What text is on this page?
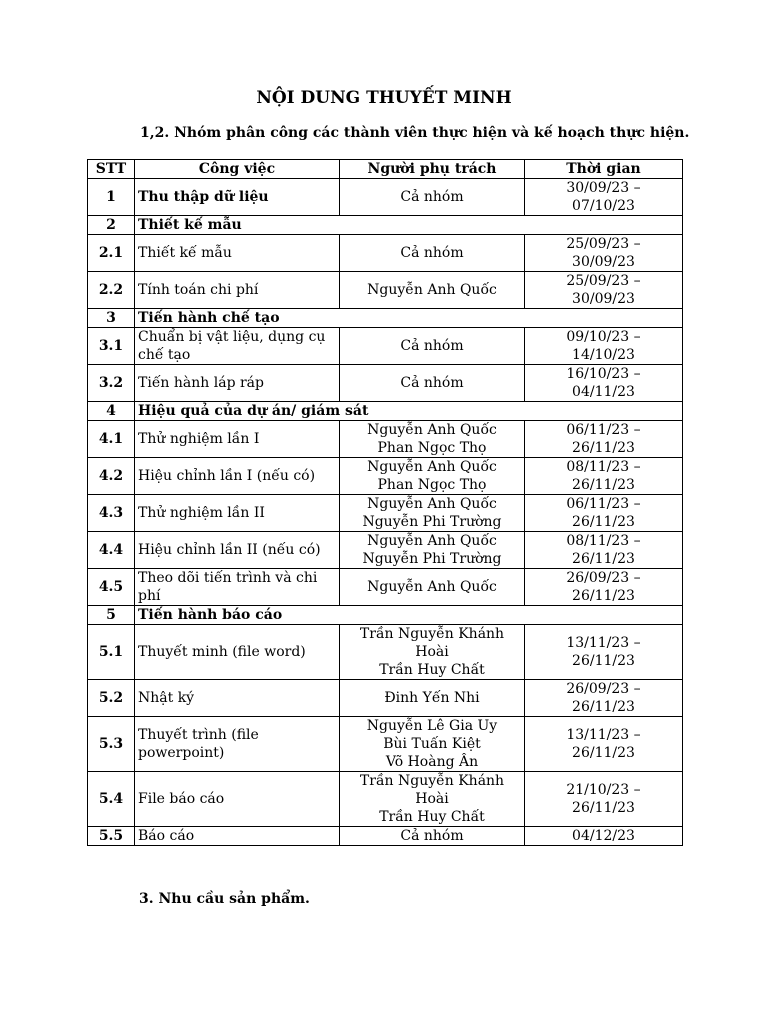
NỘI DUNG THUYẾT MINH
1,2. Nhóm phân công các thành viên thực hiện và kế hoạch thực hiện.
STT	Công việc	Người phụ trách	Thời gian
1	Thu thập dữ liệu	Cả nhóm	30/09/23 –
07/10/23

2	Thiết kế mẫu		
2.1	Thiết kế mẫu	Cả nhóm	25/09/23 –
30/09/23

2.2	Tính toán chi phí	Nguyễn Anh Quốc	25/09/23 –
30/09/23

3	Tiến hành chế tạo		
3.1	Chuẩn bị vật liệu, dụng cụ
chế tạo	Cả nhóm	09/10/23 –
14/10/23

3.2	Tiến hành láp ráp	Cả nhóm	16/10/23 –
04/11/23

4	Hiệu quả của dự án/ giám sát		
4.1	Thử nghiệm lần I	Nguyễn Anh Quốc
Phan Ngọc Thọ	06/11/23 –
26/11/23

4.2	Hiệu chỉnh lần I (nếu có)	Nguyễn Anh Quốc
Phan Ngọc Thọ	08/11/23 –
26/11/23

4.3	Thử nghiệm lần II	Nguyễn Anh Quốc
Nguyễn Phi Trường	06/11/23 –
26/11/23

4.4	Hiệu chỉnh lần II (nếu có)	Nguyễn Anh Quốc
Nguyễn Phi Trường	08/11/23 –
26/11/23

4.5	Theo dõi tiến trình và chi
phí	Nguyễn Anh Quốc	26/09/23 –
26/11/23

5	Tiến hành báo cáo		
5.1	Thuyết minh (file word)	Trần Nguyễn Khánh
Hoài
Trần Huy Chất	13/11/23 –
26/11/23

5.2	Nhật ký	Đinh Yến Nhi	26/09/23 –
26/11/23

5.3	Thuyết trình (file
powerpoint)	Nguyễn Lê Gia Uy
Bùi Tuấn Kiệt
Võ Hoàng Ân	13/11/23 –
26/11/23

5.4	File báo cáo	Trần Nguyễn Khánh
Hoài
Trần Huy Chất	21/10/23 –
26/11/23

5.5	Báo cáo	Cả nhóm	04/12/23
3. Nhu cầu sản phẩm.
